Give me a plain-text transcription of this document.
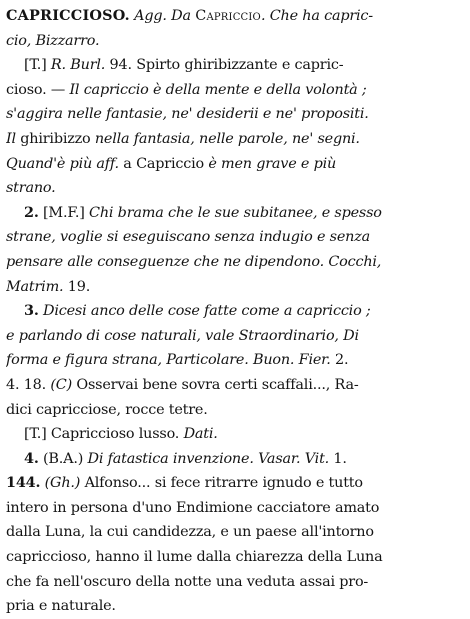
CAPRICCIOSO. Agg. Da Capriccio. Che ha capric-
cio, Bizzarro.
[T.] R. Burl. 94. Spirto ghiribizzante e capric-
cioso. — Il capriccio è della mente e della volontà ;
s'aggira nelle fantasie, ne' desiderii e ne' propositi.
Il ghiribizzo nella fantasia, nelle parole, ne' segni.
Quand'è più aff. a Capriccio è men grave e più
strano.
2. [M.F.] Chi brama che le sue subitanee, e spesso
strane, voglie si eseguiscano senza indugio e senza
pensare alle conseguenze che ne dipendono. Cocchi,
Matrim. 19.
3. Dicesi anco delle cose fatte come a capriccio ;
e parlando di cose naturali, vale Straordinario, Di
forma e figura strana, Particolare. Buon. Fier. 2.
4. 18. (C) Osservai bene sovra certi scaffali..., Ra-
dici capricciose, rocce tetre.
[T.] Capricciosο lusso. Dati.
4. (B.A.) Di fatastica invenzione. Vasar. Vit. 1.
144. (Gh.) Alfonso... si fece ritrarre ignudo e tutto
intero in persona d'uno Endimione cacciatore amato
dalla Luna, la cui candidezza, e un paese all'intorno
capriccioso, hanno il lume dalla chiarezza della Luna
che fa nell'oscuro della notte una veduta assai pro-
pria e naturale.
